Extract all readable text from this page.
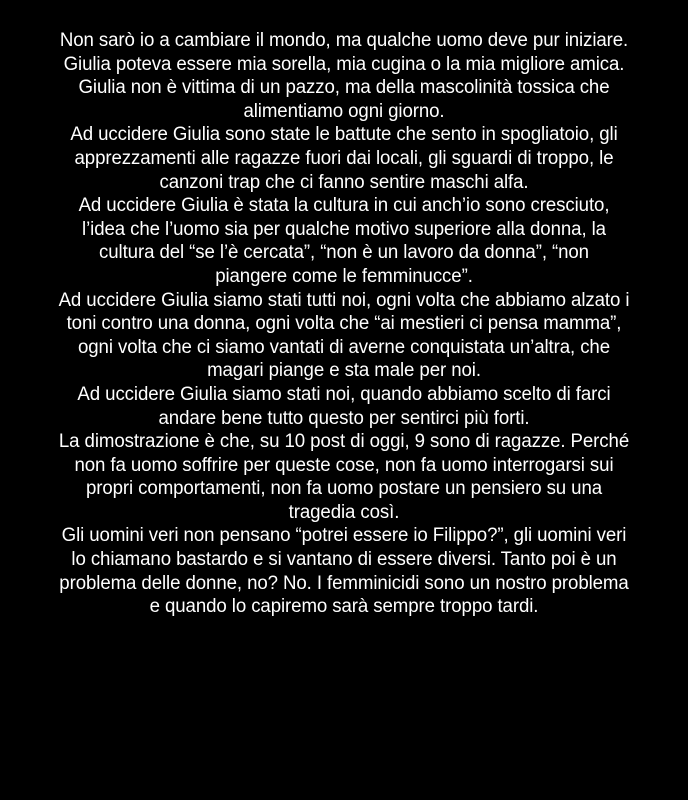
Non sarò io a cambiare il mondo, ma qualche uomo deve pur iniziare.
Giulia poteva essere mia sorella, mia cugina o la mia migliore amica.
Giulia non è vittima di un pazzo, ma della mascolinità tossica che
alimentiamo ogni giorno.
Ad uccidere Giulia sono state le battute che sento in spogliatoio, gli
apprezzamenti alle ragazze fuori dai locali, gli sguardi di troppo, le
canzoni trap che ci fanno sentire maschi alfa.
Ad uccidere Giulia è stata la cultura in cui anch’io sono cresciuto,
l’idea che l’uomo sia per qualche motivo superiore alla donna, la
cultura del “se l’è cercata”, “non è un lavoro da donna”, “non
piangere come le femminucce”.
Ad uccidere Giulia siamo stati tutti noi, ogni volta che abbiamo alzato i
toni contro una donna, ogni volta che “ai mestieri ci pensa mamma”,
ogni volta che ci siamo vantati di averne conquistata un’altra, che
magari piange e sta male per noi.
Ad uccidere Giulia siamo stati noi, quando abbiamo scelto di farci
andare bene tutto questo per sentirci più forti.
La dimostrazione è che, su 10 post di oggi, 9 sono di ragazze. Perché
non fa uomo soffrire per queste cose, non fa uomo interrogarsi sui
propri comportamenti, non fa uomo postare un pensiero su una
tragedia così.
Gli uomini veri non pensano “potrei essere io Filippo?”, gli uomini veri
lo chiamano bastardo e si vantano di essere diversi. Tanto poi è un
problema delle donne, no? No. I femminicidi sono un nostro problema
e quando lo capiremo sarà sempre troppo tardi.
